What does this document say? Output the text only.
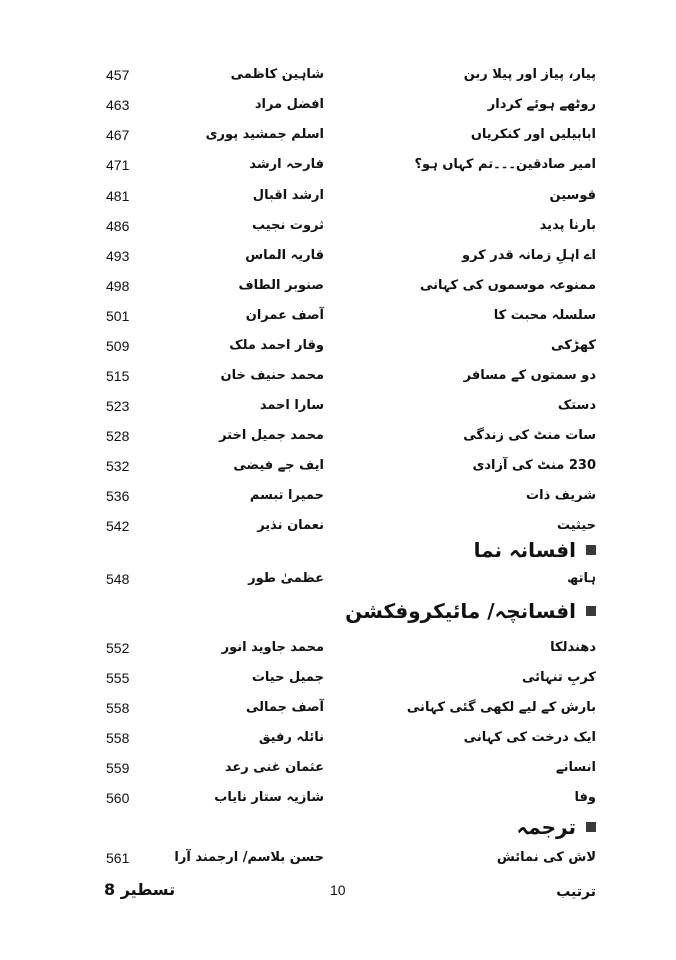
457	شاہین کاظمی	پیار، پیاز اور پیلا ربن
463	افضل مراد	روٹھے ہوئے کردار
467	اسلم جمشید پوری	ابابیلیں اور کنکریاں
471	فارحہ ارشد	امیر صادقین۔۔۔تم کہاں ہو؟
481	ارشد اقبال	قوسین
486	ثروت نجیب	بارنا پدید
493	قاریہ الماس	اے اہلِ زمانہ قدر کرو
498	صنوبر الطاف	ممنوعہ موسموں کی کہانی
501	آصف عمران	سلسلہ محبت کا
509	وقار احمد ملک	کھڑکی
515	محمد حنیف خان	دو سمتوں کے مسافر
523	سارا احمد	دستک
528	محمد جمیل اختر	سات منٹ کی زندگی
532	ایف جے فیضی	230 منٹ کی آزادی
536	حمیرا تبسم	شریف ذات
542	نعمان نذیر	حیثیت
افسانہ نما
548	عظمیٰ طور	ہاتھ
افسانچہ/ مائیکروفکشن
552	محمد جاوید انور	دھندلکا
555	جمیل حیات	کربِ تنہائی
558	آصف جمالی	بارش کے لیے لکھی گئی کہانی
558	نائلہ رفیق	ایک درخت کی کہانی
559	عثمان غنی رعد	انسانے
560	شازیہ ستار نایاب	وفا
ترجمہ
561	حسن بلاسم/ ارجمند آرا	لاش کی نمائش
تسطیر 8	10	ترتیب
